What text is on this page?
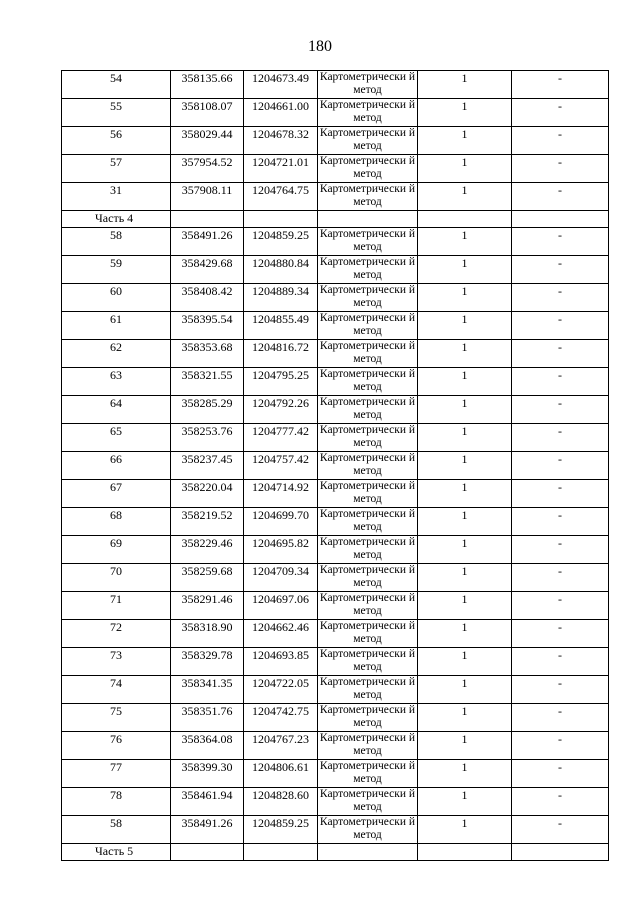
180
54	358135.66	1204673.49	Картометрически й метод	1	-
55	358108.07	1204661.00	Картометрически й метод	1	-
56	358029.44	1204678.32	Картометрически й метод	1	-
57	357954.52	1204721.01	Картометрически й метод	1	-
31	357908.11	1204764.75	Картометрически й метод	1	-
Часть 4					
58	358491.26	1204859.25	Картометрически й метод	1	-
59	358429.68	1204880.84	Картометрически й метод	1	-
60	358408.42	1204889.34	Картометрически й метод	1	-
61	358395.54	1204855.49	Картометрически й метод	1	-
62	358353.68	1204816.72	Картометрически й метод	1	-
63	358321.55	1204795.25	Картометрически й метод	1	-
64	358285.29	1204792.26	Картометрически й метод	1	-
65	358253.76	1204777.42	Картометрически й метод	1	-
66	358237.45	1204757.42	Картометрически й метод	1	-
67	358220.04	1204714.92	Картометрически й метод	1	-
68	358219.52	1204699.70	Картометрически й метод	1	-
69	358229.46	1204695.82	Картометрически й метод	1	-
70	358259.68	1204709.34	Картометрически й метод	1	-
71	358291.46	1204697.06	Картометрически й метод	1	-
72	358318.90	1204662.46	Картометрически й метод	1	-
73	358329.78	1204693.85	Картометрически й метод	1	-
74	358341.35	1204722.05	Картометрически й метод	1	-
75	358351.76	1204742.75	Картометрически й метод	1	-
76	358364.08	1204767.23	Картометрически й метод	1	-
77	358399.30	1204806.61	Картометрически й метод	1	-
78	358461.94	1204828.60	Картометрически й метод	1	-
58	358491.26	1204859.25	Картометрически й метод	1	-
Часть 5					
